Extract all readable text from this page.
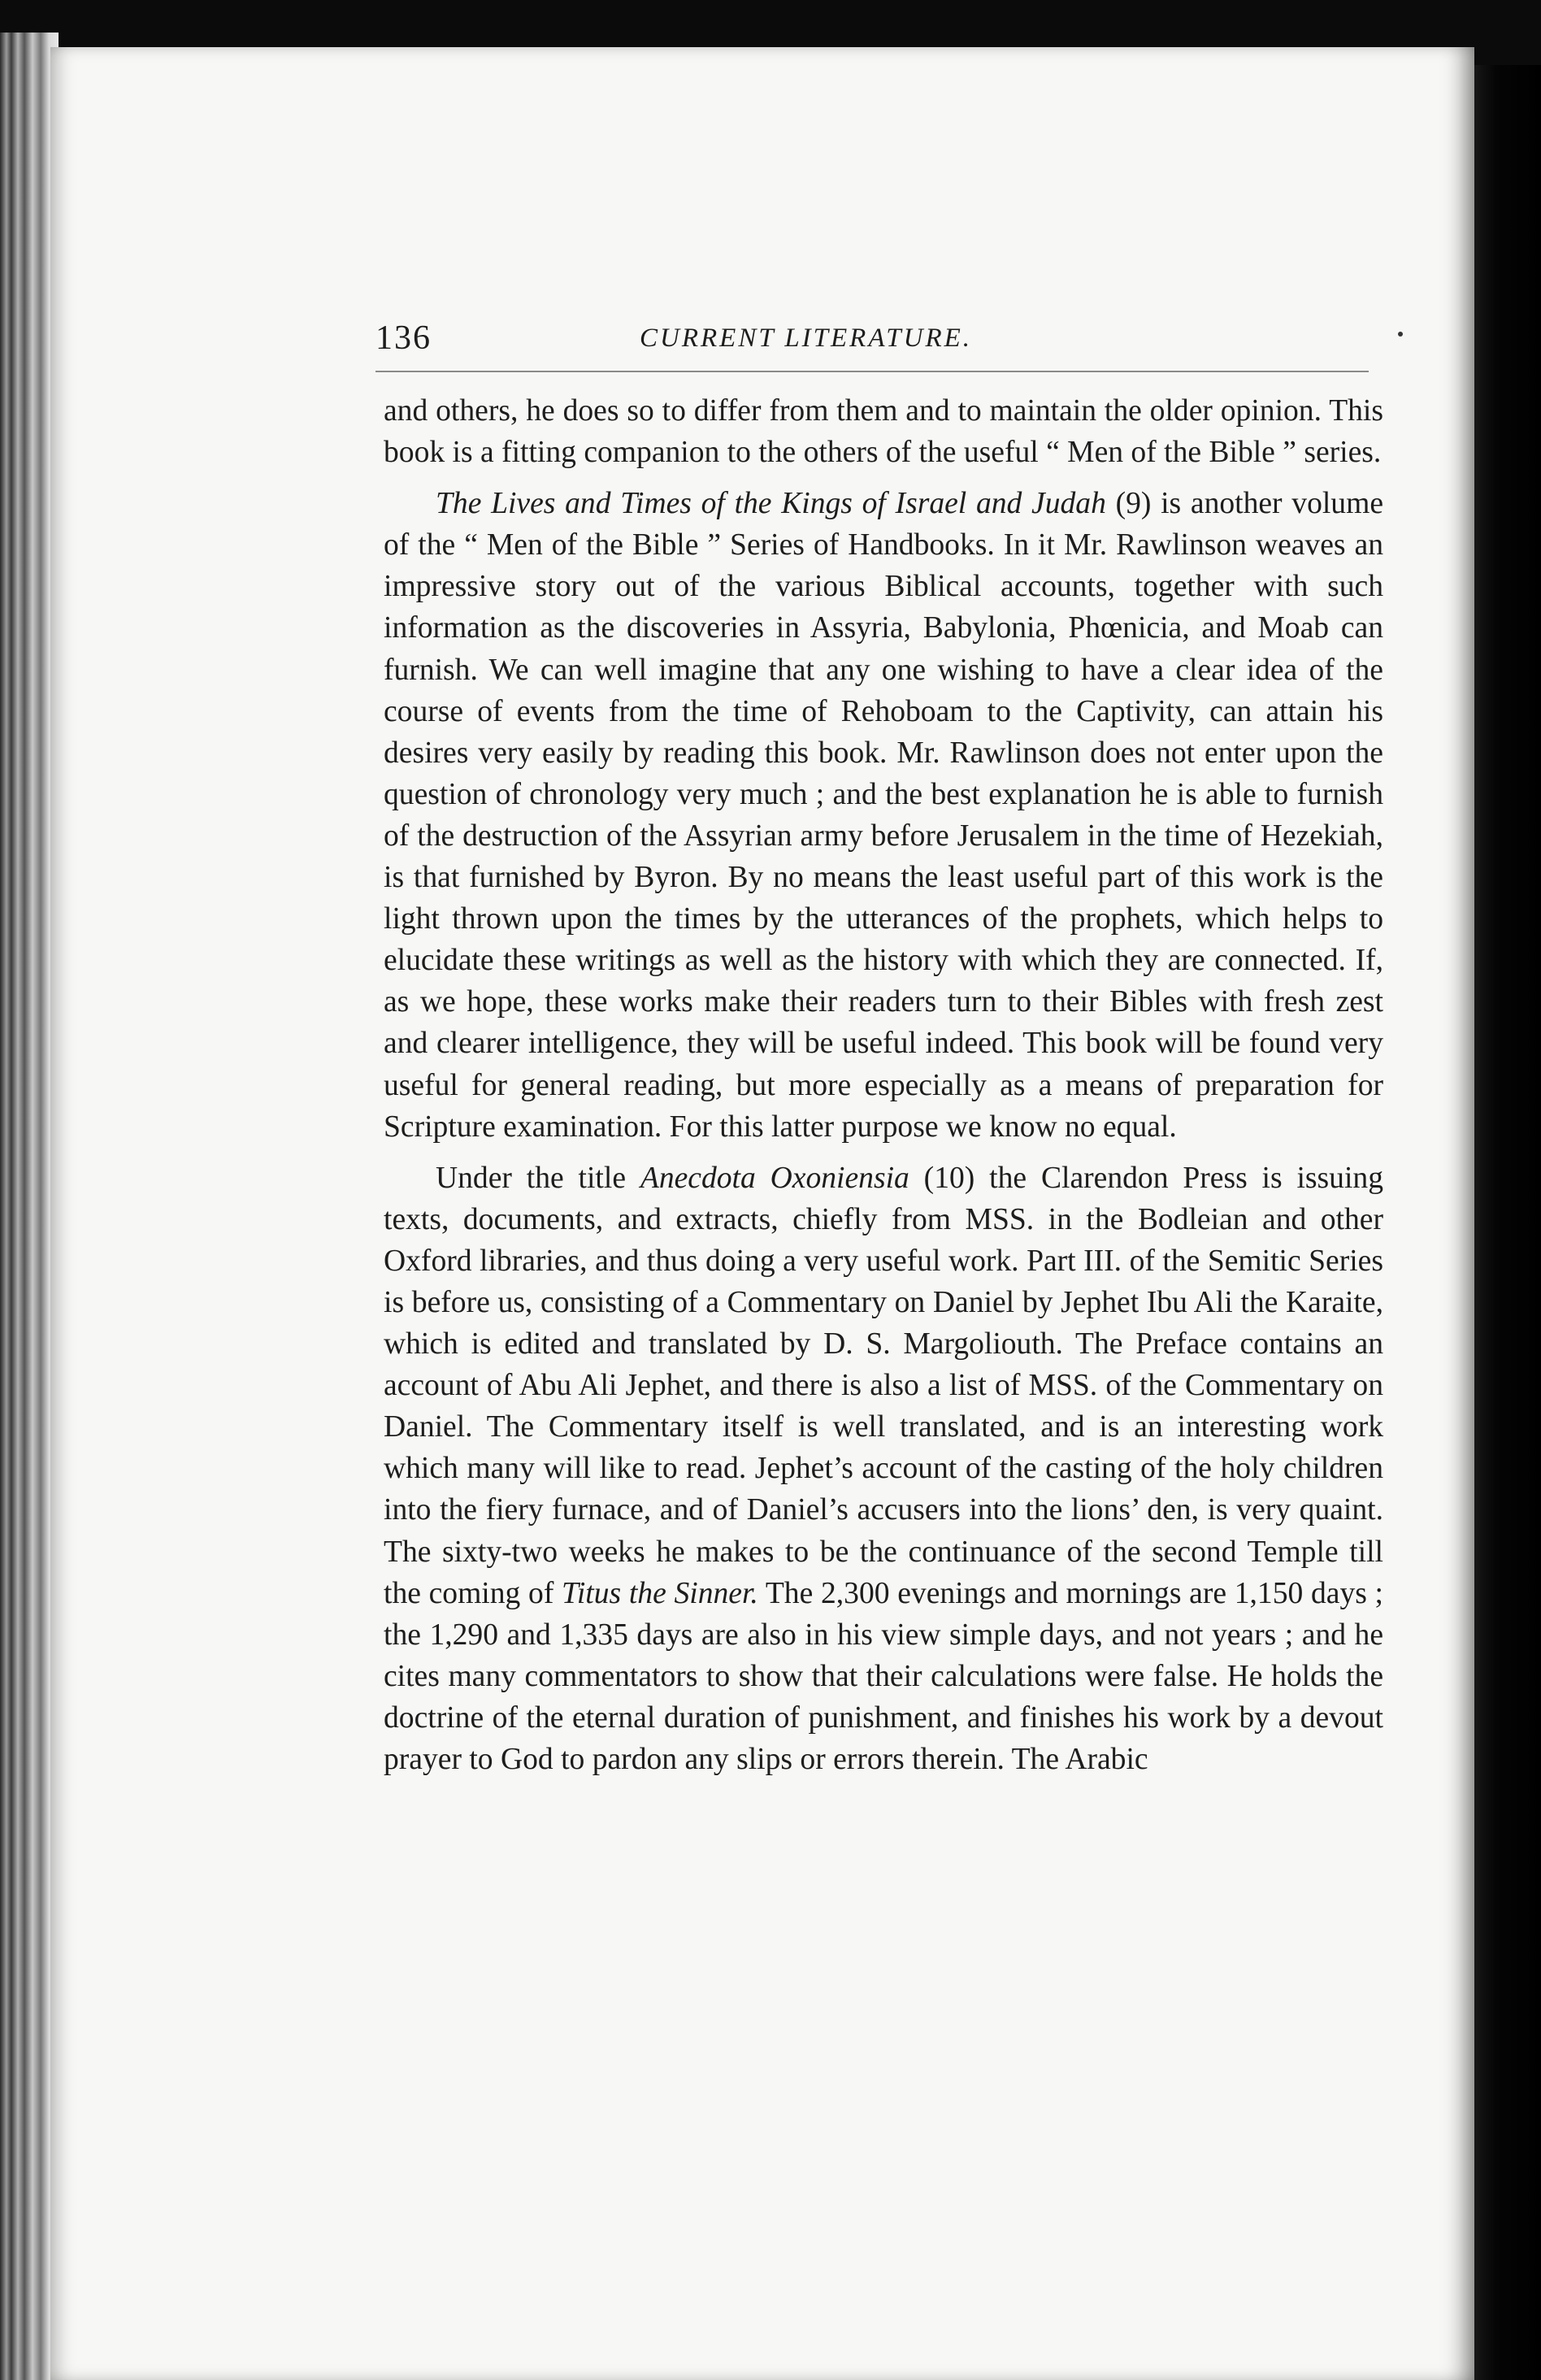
136	CURRENT LITERATURE.

and others, he does so to differ from them and to maintain the older opinion. This book is a fitting companion to the others of the useful “ Men of the Bible ” series.

The Lives and Times of the Kings of Israel and Judah (9) is another volume of the “ Men of the Bible ” Series of Handbooks. In it Mr. Rawlinson weaves an impressive story out of the various Biblical accounts, together with such information as the discoveries in Assyria, Babylonia, Phœnicia, and Moab can furnish. We can well imagine that any one wishing to have a clear idea of the course of events from the time of Rehoboam to the Captivity, can attain his desires very easily by reading this book. Mr. Rawlinson does not enter upon the question of chronology very much ; and the best explanation he is able to furnish of the destruction of the Assyrian army before Jerusalem in the time of Hezekiah, is that furnished by Byron. By no means the least useful part of this work is the light thrown upon the times by the utterances of the prophets, which helps to elucidate these writings as well as the history with which they are connected. If, as we hope, these works make their readers turn to their Bibles with fresh zest and clearer intelligence, they will be useful indeed. This book will be found very useful for general reading, but more especially as a means of preparation for Scripture examination. For this latter purpose we know no equal.

Under the title Anecdota Oxoniensia (10) the Clarendon Press is issuing texts, documents, and extracts, chiefly from MSS. in the Bodleian and other Oxford libraries, and thus doing a very useful work. Part III. of the Semitic Series is before us, consisting of a Commentary on Daniel by Jephet Ibu Ali the Karaite, which is edited and translated by D. S. Margoliouth. The Preface contains an account of Abu Ali Jephet, and there is also a list of MSS. of the Commentary on Daniel. The Commentary itself is well translated, and is an interesting work which many will like to read. Jephet’s account of the casting of the holy children into the fiery furnace, and of Daniel’s accusers into the lions’ den, is very quaint. The sixty-two weeks he makes to be the continuance of the second Temple till the coming of Titus the Sinner. The 2,300 evenings and mornings are 1,150 days ; the 1,290 and 1,335 days are also in his view simple days, and not years ; and he cites many commentators to show that their calculations were false. He holds the doctrine of the eternal duration of punishment, and finishes his work by a devout prayer to God to pardon any slips or errors therein. The Arabic
